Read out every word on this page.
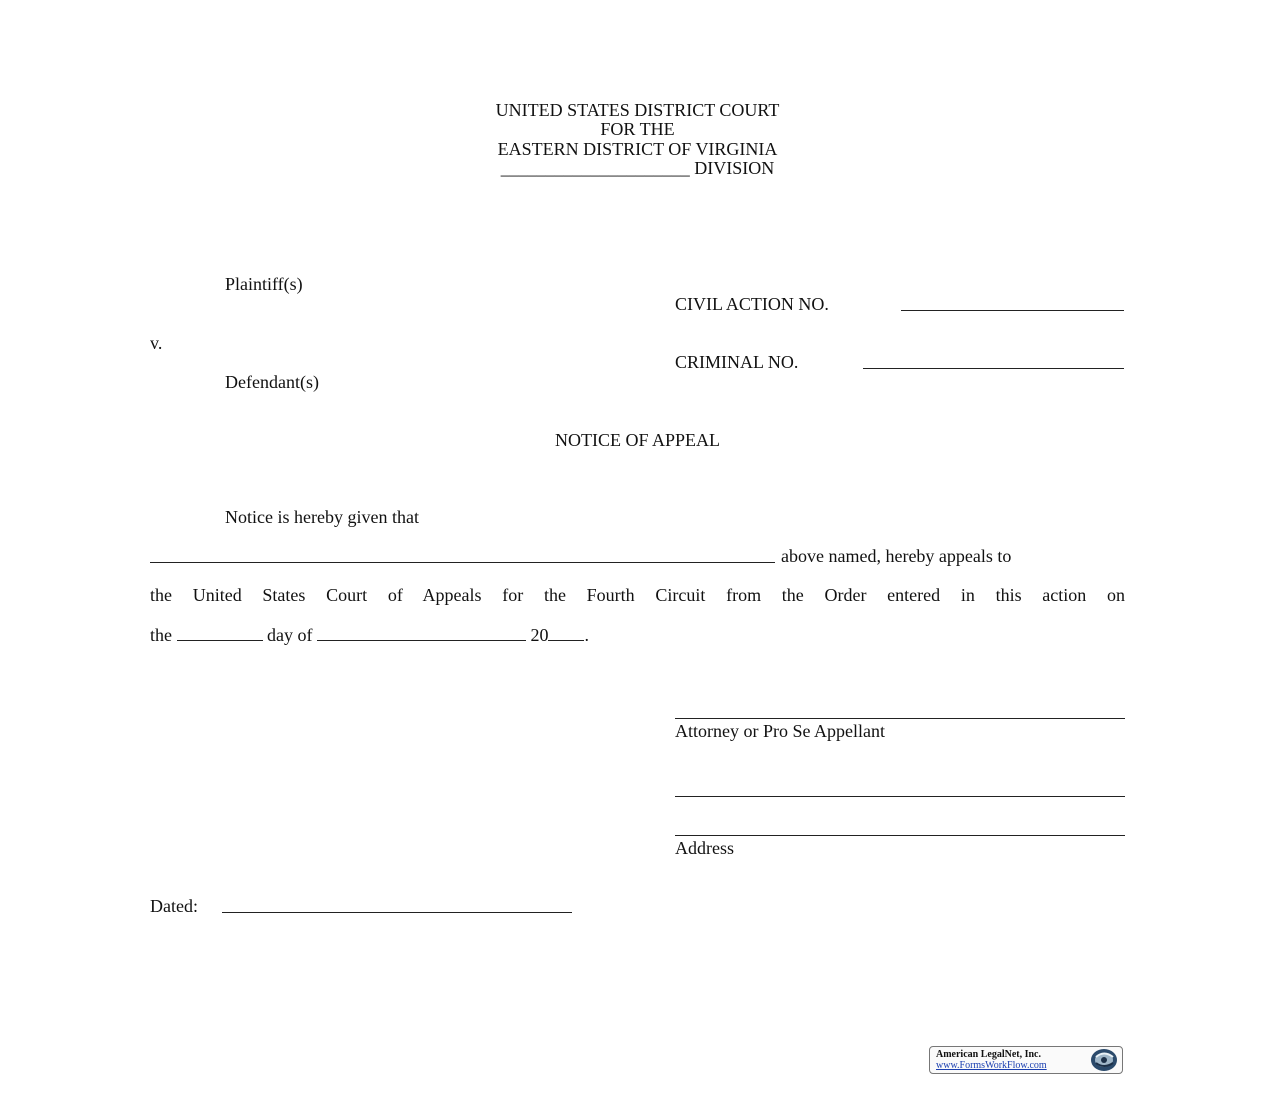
UNITED STATES DISTRICT COURT
FOR THE
EASTERN DISTRICT OF VIRGINIA
_____________________ DIVISION
Plaintiff(s)
v.
Defendant(s)
CIVIL ACTION NO.
CRIMINAL NO.
NOTICE OF APPEAL
Notice is hereby given that
above named, hereby appeals to
the United States Court of Appeals for the Fourth Circuit from the Order entered in this action on
the	day of	20 .
Attorney or Pro Se Appellant
Address
Dated:
American LegalNet, Inc.
www.FormsWorkFlow.com
